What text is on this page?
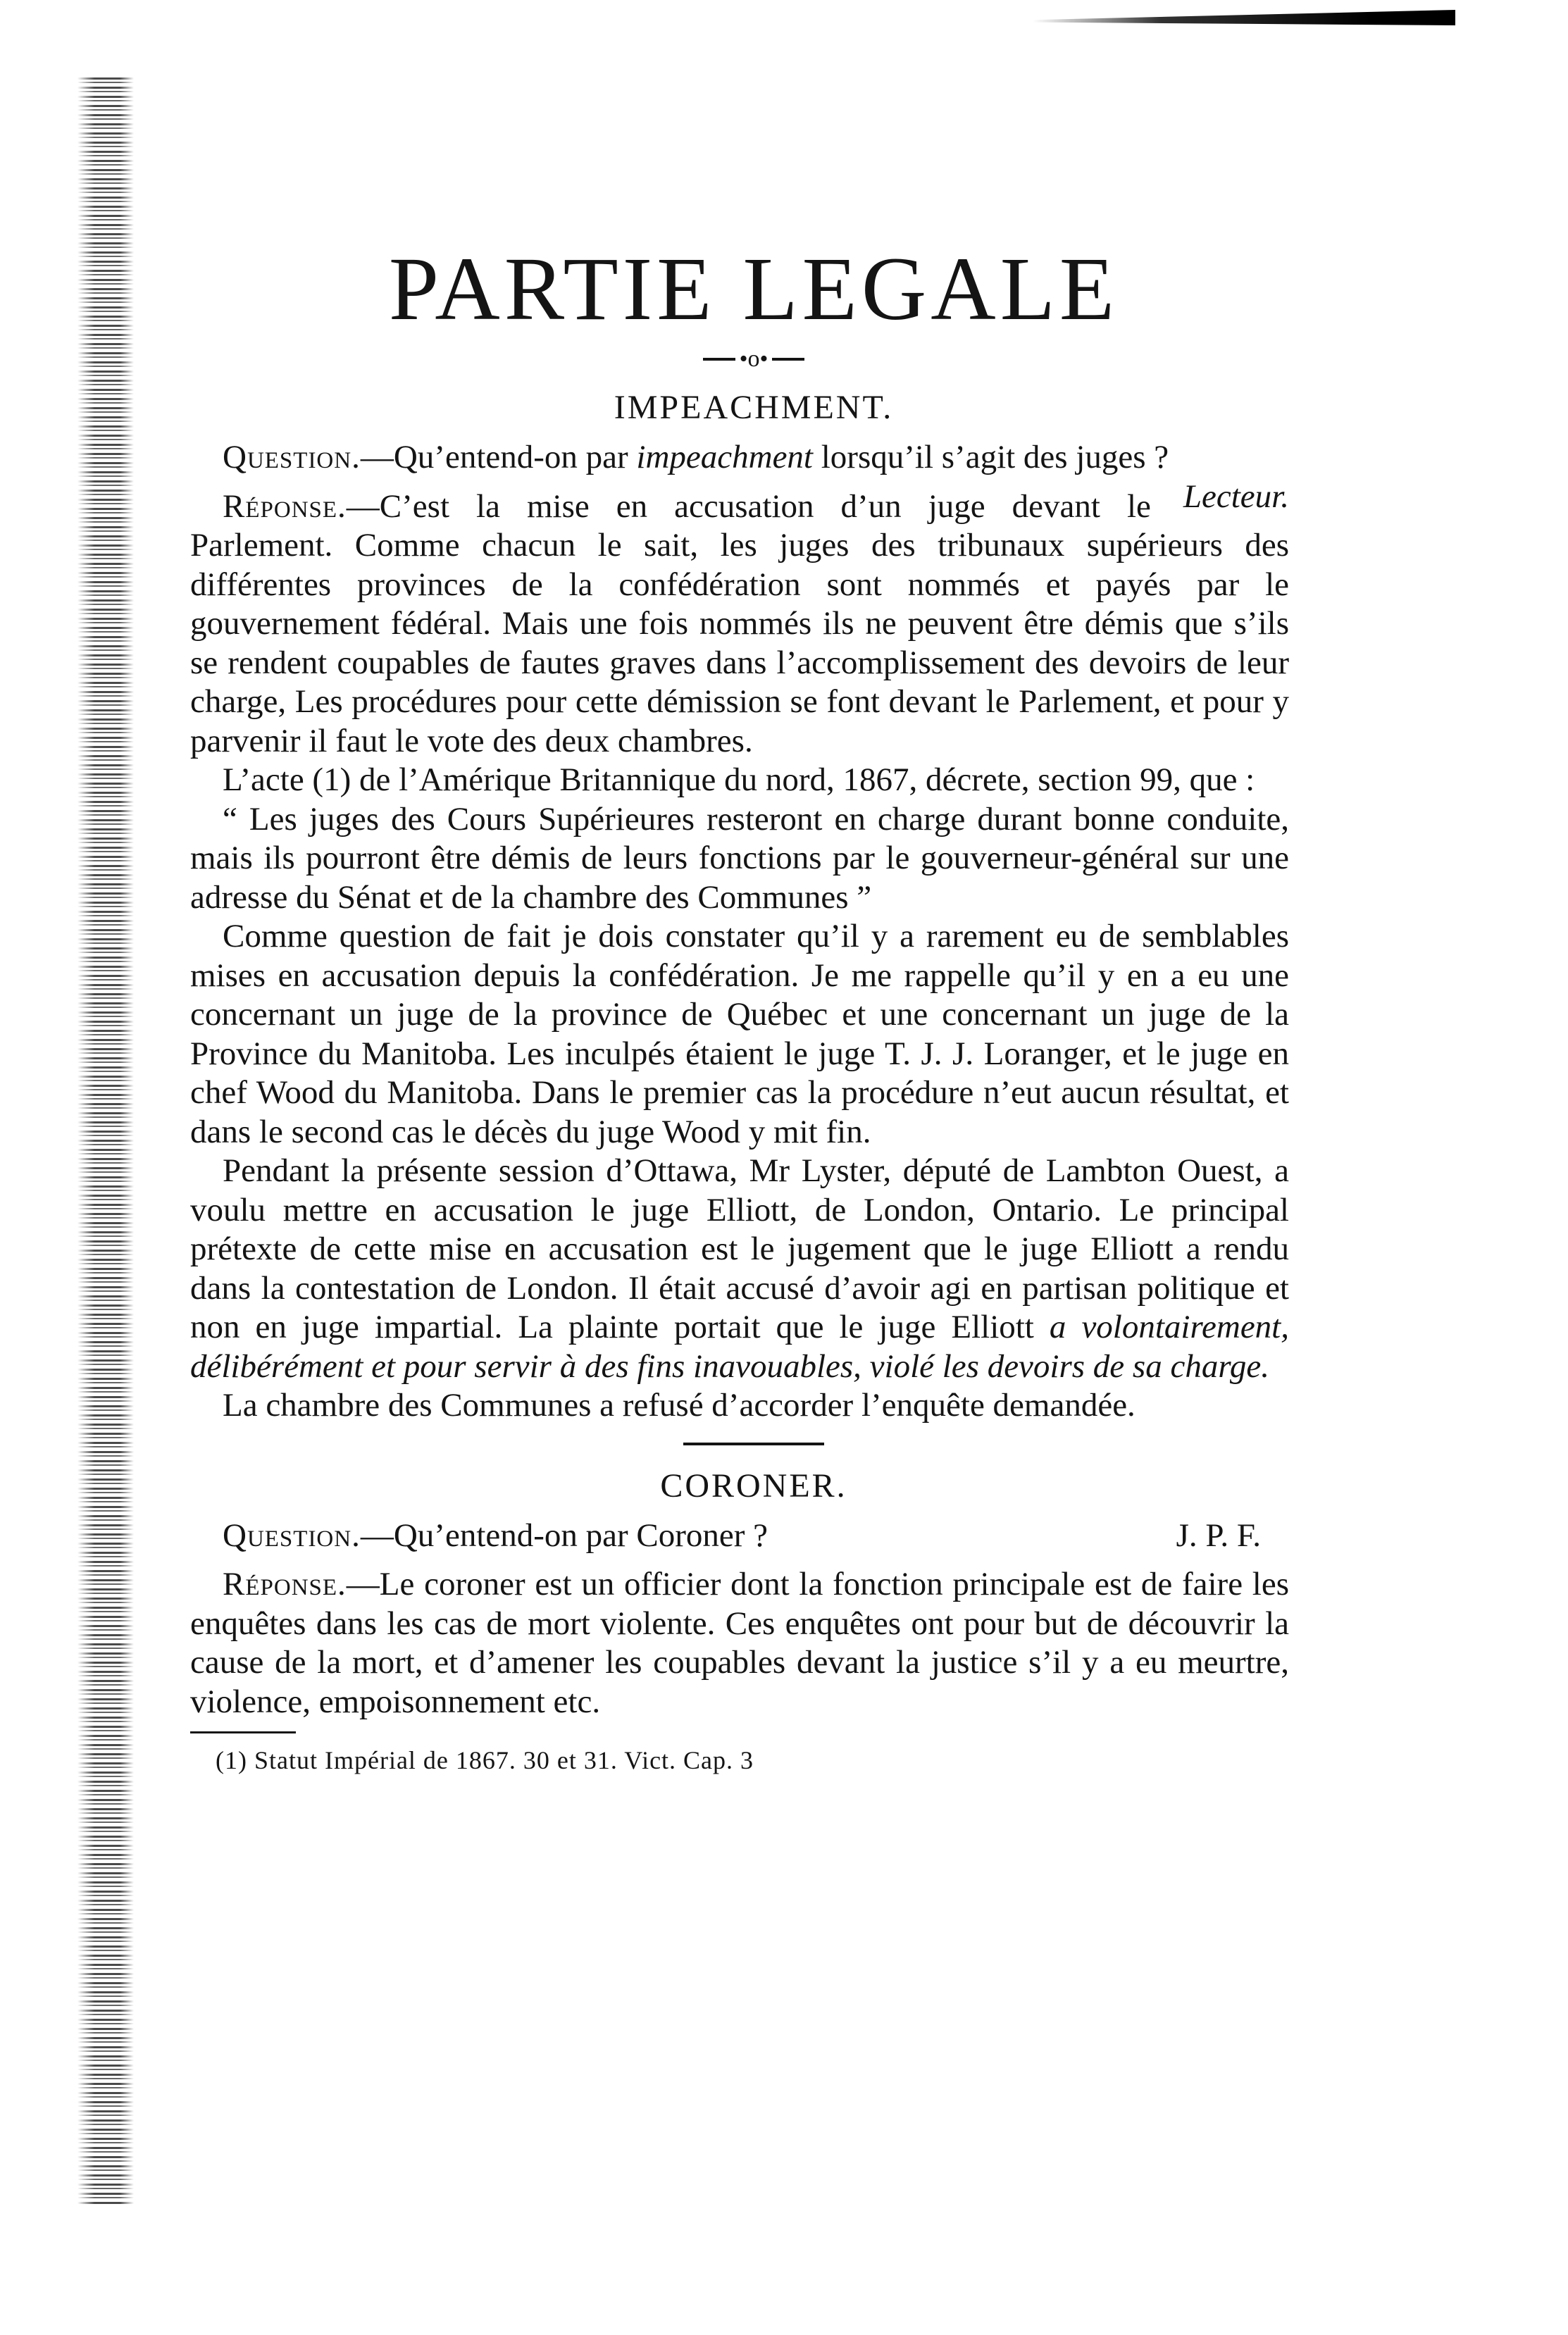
PARTIE LEGALE
•o•
IMPEACHMENT.

Question.—Qu’entend-on par impeachment lorsqu’il s’agit des juges ?
Lecteur.

Réponse.—C’est la mise en accusation d’un juge devant le Parlement. Comme chacun le sait, les juges des tribunaux supérieurs des différentes provinces de la confédération sont nommés et payés par le gouvernement fédéral. Mais une fois nommés ils ne peuvent être démis que s’ils se rendent coupables de fautes graves dans l’accomplissement des devoirs de leur charge, Les procédures pour cette démission se font devant le Parlement, et pour y parvenir il faut le vote des deux chambres.

L’acte (1) de l’Amérique Britannique du nord, 1867, décrete, section 99, que :

“ Les juges des Cours Supérieures resteront en charge durant bonne conduite, mais ils pourront être démis de leurs fonctions par le gouverneur-général sur une adresse du Sénat et de la chambre des Communes ”

Comme question de fait je dois constater qu’il y a rarement eu de semblables mises en accusation depuis la confédération. Je me rappelle qu’il y en a eu une concernant un juge de la province de Québec et une concernant un juge de la Province du Manitoba. Les inculpés étaient le juge T. J. J. Loranger, et le juge en chef Wood du Manitoba. Dans le premier cas la procédure n’eut aucun résultat, et dans le second cas le décès du juge Wood y mit fin.

Pendant la présente session d’Ottawa, Mr Lyster, député de Lambton Ouest, a voulu mettre en accusation le juge Elliott, de London, Ontario. Le principal prétexte de cette mise en accusation est le jugement que le juge Elliott a rendu dans la contestation de London. Il était accusé d’avoir agi en partisan politique et non en juge impartial. La plainte portait que le juge Elliott a volontairement, délibérément et pour servir à des fins inavouables, violé les devoirs de sa charge.

La chambre des Communes a refusé d’accorder l’enquête demandée.

CORONER.

Question.—Qu’entend-on par Coroner ?	J. P. F.

Réponse.—Le coroner est un officier dont la fonction principale est de faire les enquêtes dans les cas de mort violente. Ces enquêtes ont pour but de découvrir la cause de la mort, et d’amener les coupables devant la justice s’il y a eu meurtre, violence, empoisonnement etc.

(1) Statut Impérial de 1867. 30 et 31. Vict. Cap. 3
